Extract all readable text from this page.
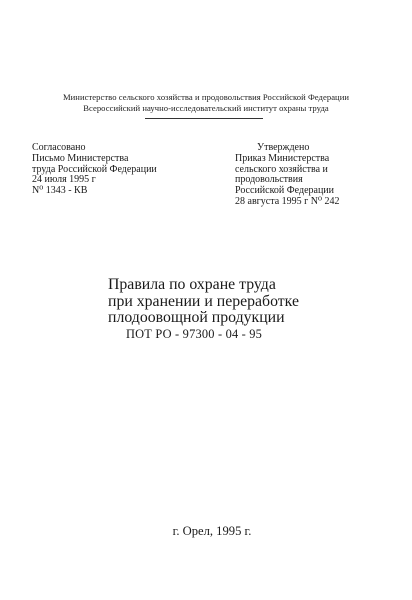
Министерство сельского хозяйства и продовольствия Российской Федерации
Всероссийский научно-исследовательский институт охраны труда
Согласовано
Письмо Министерства
труда Российской Федерации
24 июля 1995 г
N⁰ 1343 - КВ
Утверждено
Приказ Министерства
сельского хозяйства и
продовольствия
Российской Федерации
28 августа 1995 г N⁰ 242
Правила по охране труда
при хранении и переработке
плодоовощной продукции
ПОТ РО - 97300 - 04 - 95
г. Орел, 1995 г.
